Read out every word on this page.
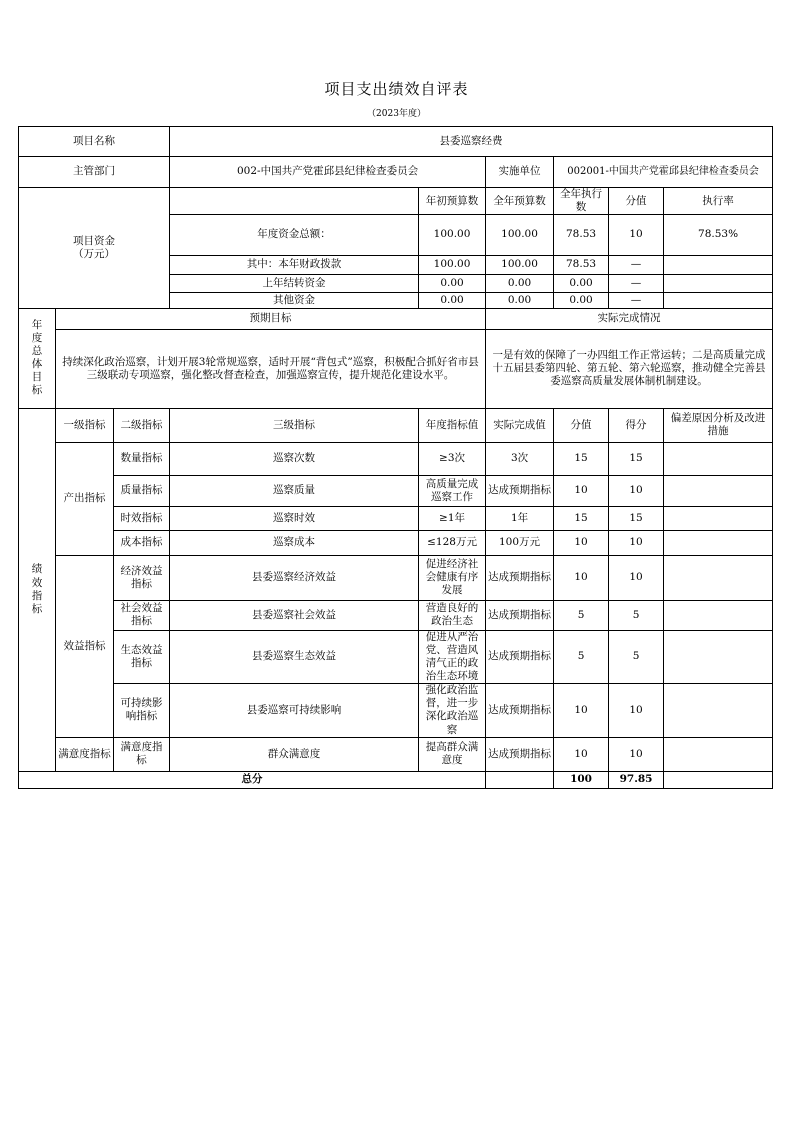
项目支出绩效自评表
（2023年度）
项目名称			县委巡察经费						
主管部门			002-中国共产党霍邱县纪律检查委员会		实施单位	002001-中国共产党霍邱县纪律检查委员会			
项目资金
（万元）				年初预算数	全年预算数	全年执行数	分值	执行率	
			年度资金总额：	100.00	100.00	78.53	10	78.53%	
			其中：本年财政拨款	100.00	100.00	78.53	—		
			上年结转资金	0.00	0.00	0.00	—		
			其他资金	0.00	0.00	0.00	—		

年度总体目标	预期目标				实际完成情况				
	持续深化政治巡察，计划开展3轮常规巡察，适时开展“背包式”巡察，积极配合抓好省市县三级联动专项巡察，强化整改督查检查，加强巡察宣传，提升规范化建设水平。				一是有效的保障了一办四组工作正常运转；二是高质量完成十五届县委第四轮、第五轮、第六轮巡察，推动健全完善县委巡察高质量发展体制机制建设。				

绩效指标	一级指标	二级指标	三级指标	年度指标值	实际完成值	分值	得分	偏差原因分析及改进措施	
	产出指标	数量指标	巡察次数	≥3次	3次	15	15		
		质量指标	巡察质量	高质量完成巡察工作	达成预期指标	10	10		
		时效指标	巡察时效	≥1年	1年	15	15		
		成本指标	巡察成本	≤128万元	100万元	10	10		
	效益指标	经济效益指标	县委巡察经济效益	促进经济社会健康有序发展	达成预期指标	10	10		
		社会效益指标	县委巡察社会效益	营造良好的政治生态	达成预期指标	5	5		
		生态效益指标	县委巡察生态效益	促进从严治党、营造风清气正的政治生态环境	达成预期指标	5	5		
		可持续影响指标	县委巡察可持续影响	强化政治监督，进一步深化政治巡察	达成预期指标	10	10		
	满意度指标	满意度指标	群众满意度	提高群众满意度	达成预期指标	10	10		
总分						100	97.85		
